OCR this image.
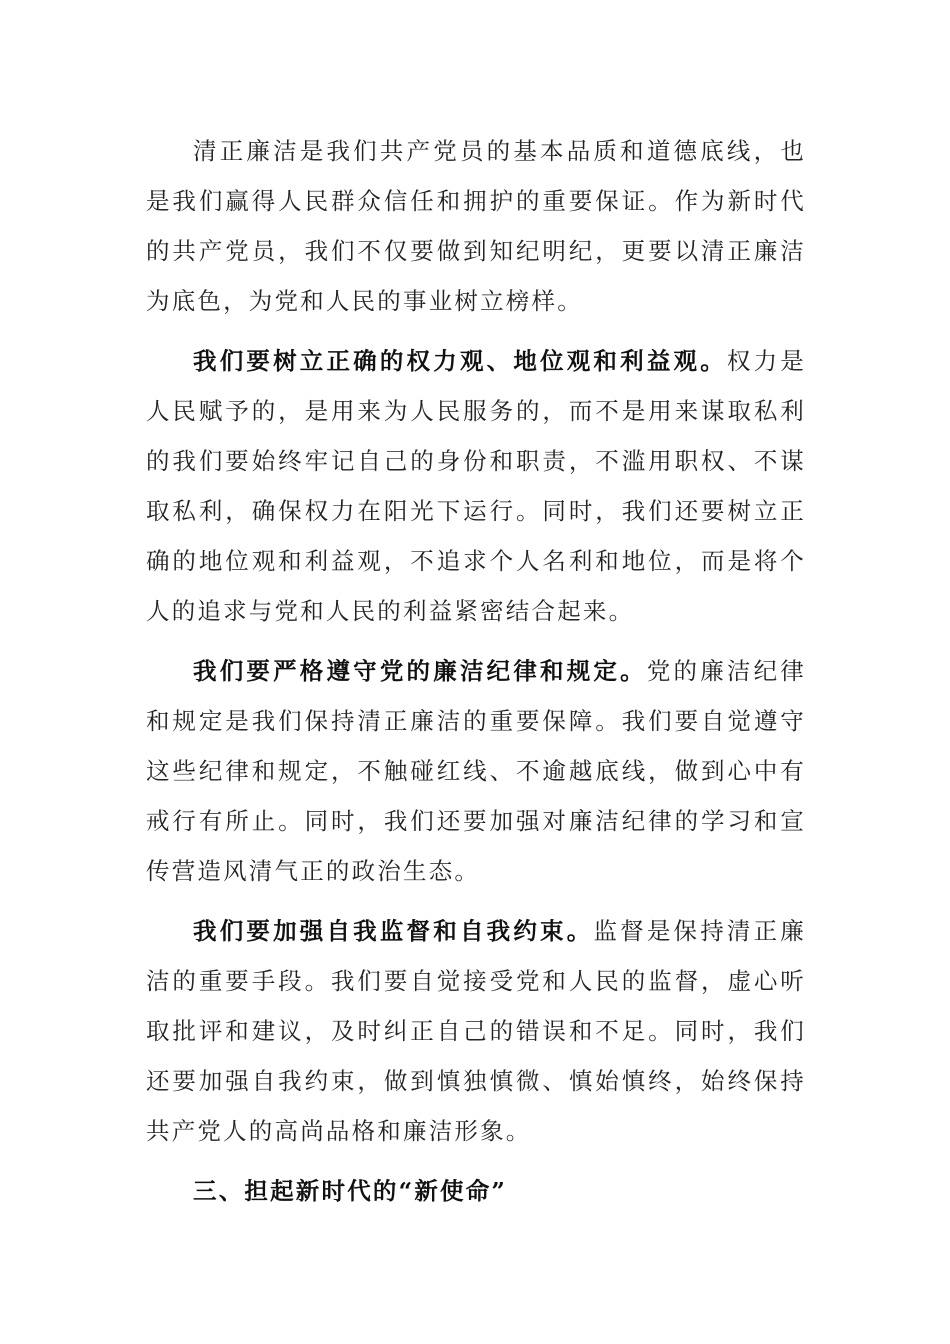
清正廉洁是我们共产党员的基本品质和道德底线，也是我们赢得人民群众信任和拥护的重要保证。作为新时代的共产党员，我们不仅要做到知纪明纪，更要以清正廉洁为底色，为党和人民的事业树立榜样。

我们要树立正确的权力观、地位观和利益观。权力是人民赋予的，是用来为人民服务的，而不是用来谋取私利的我们要始终牢记自己的身份和职责，不滥用职权、不谋取私利，确保权力在阳光下运行。同时，我们还要树立正确的地位观和利益观，不追求个人名利和地位，而是将个人的追求与党和人民的利益紧密结合起来。

我们要严格遵守党的廉洁纪律和规定。党的廉洁纪律和规定是我们保持清正廉洁的重要保障。我们要自觉遵守这些纪律和规定，不触碰红线、不逾越底线，做到心中有戒行有所止。同时，我们还要加强对廉洁纪律的学习和宣传营造风清气正的政治生态。

我们要加强自我监督和自我约束。监督是保持清正廉洁的重要手段。我们要自觉接受党和人民的监督，虚心听取批评和建议，及时纠正自己的错误和不足。同时，我们还要加强自我约束，做到慎独慎微、慎始慎终，始终保持共产党人的高尚品格和廉洁形象。

三、担起新时代的“新使命”
